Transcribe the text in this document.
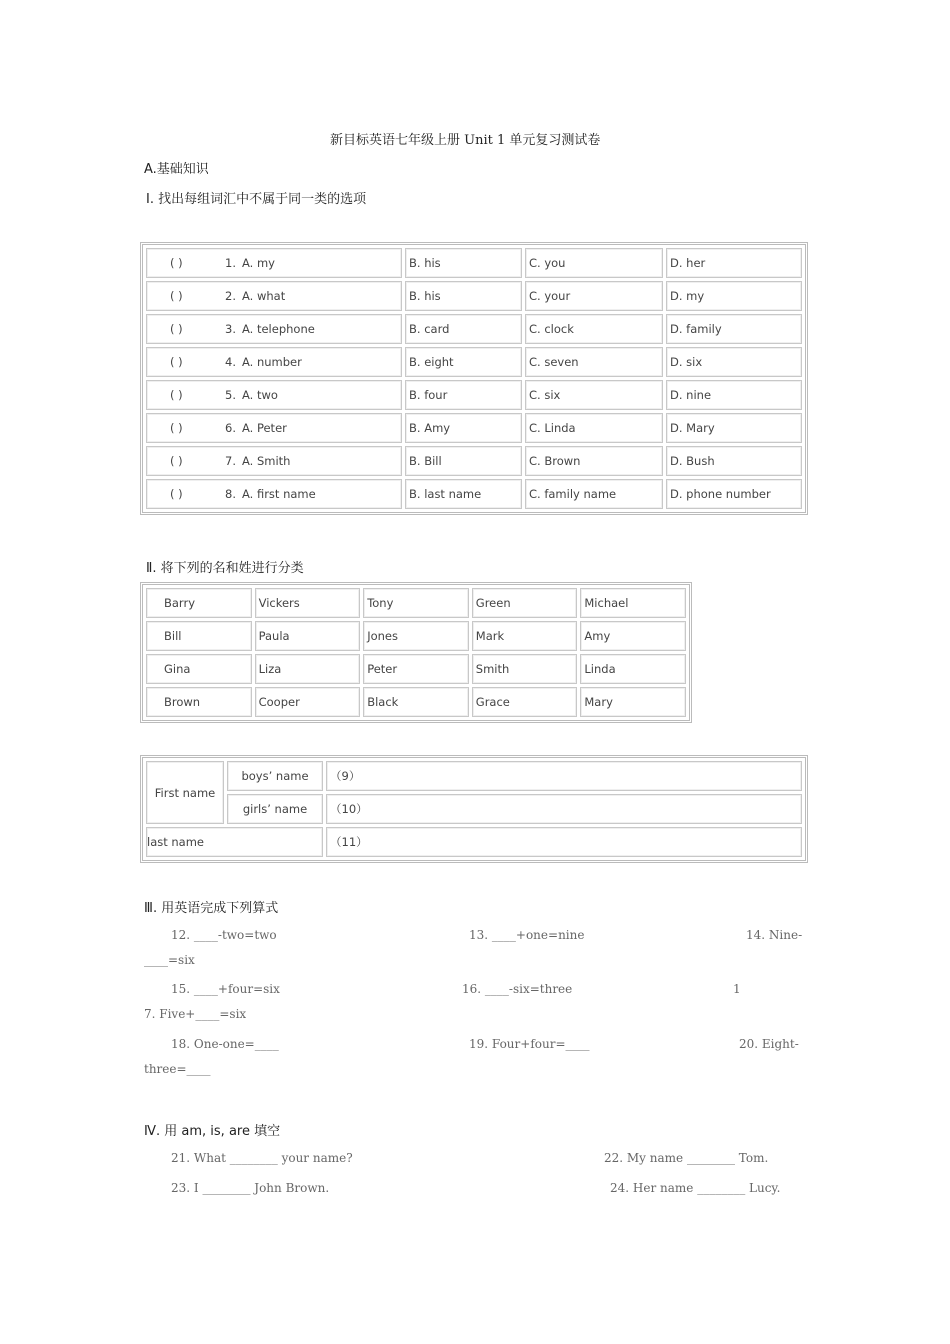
新目标英语七年级上册 Unit 1 单元复习测试卷
A.基础知识
Ⅰ. 找出每组词汇中不属于同一类的选项
( ) 1. A. my	B. his	C. you	D. her
( ) 2. A. what	B. his	C. your	D. my
( ) 3. A. telephone	B. card	C. clock	D. family
( ) 4. A. number	B. eight	C. seven	D. six
( ) 5. A. two	B. four	C. six	D. nine
( ) 6. A. Peter	B. Amy	C. Linda	D. Mary
( ) 7. A. Smith	B. Bill	C. Brown	D. Bush
( ) 8. A. first name	B. last name	C. family name	D. phone number
Ⅱ. 将下列的名和姓进行分类
Barry	Vickers	Tony	Green	Michael
Bill	Paula	Jones	Mark	Amy
Gina	Liza	Peter	Smith	Linda
Brown	Cooper	Black	Grace	Mary
First name	boys’ name	（9）
	girls’ name	（10）
last name		（11）
Ⅲ. 用英语完成下列算式
12. ____-two=two	13. ____+one=nine	14. Nine-
____=six
15. ____+four=six	16. ____-six=three	1
7. Five+____=six
18. One-one=____	19. Four+four=____	20. Eight-
three=____
Ⅳ. 用 am, is, are 填空
21. What ________ your name?	22. My name ________ Tom.
23. I ________ John Brown.	24. Her name ________ Lucy.
